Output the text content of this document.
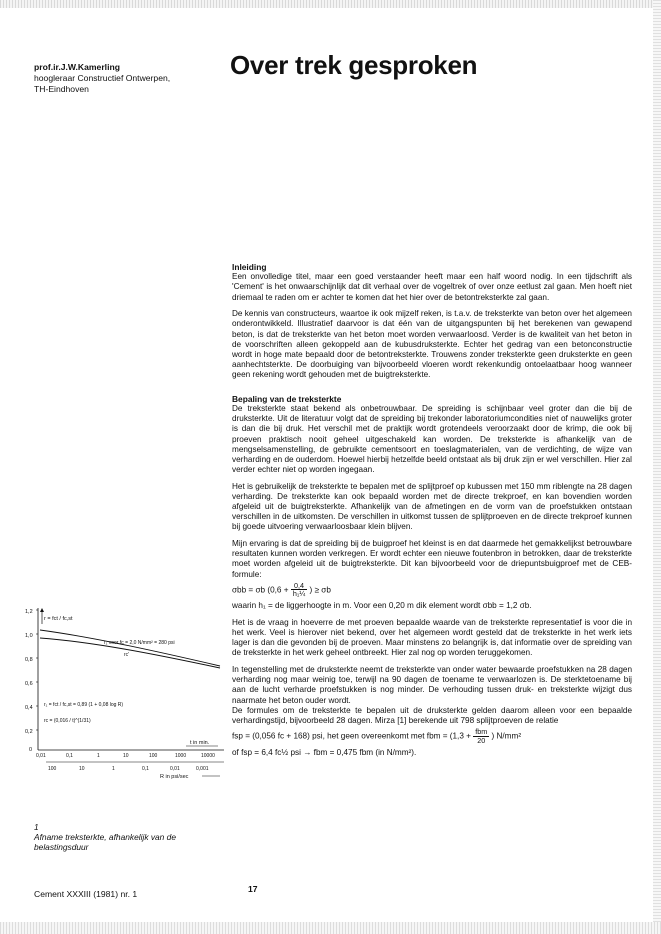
prof.ir.J.W.Kamerling
hoogleraar Constructief Ontwerpen,
TH-Eindhoven
Over trek gesproken
Inleiding

Een onvolledige titel, maar een goed verstaander heeft maar een half woord nodig. In een tijdschrift als 'Cement' is het onwaarschijnlijk dat dit verhaal over de vogeltrek of over onze eetlust zal gaan. Men hoeft niet driemaal te raden om er achter te komen dat het hier over de betontreksterkte zal gaan.

De kennis van constructeurs, waartoe ik ook mijzelf reken, is t.a.v. de treksterkte van beton over het algemeen onderontwikkeld. Illustratief daarvoor is dat één van de uitgangspunten bij het berekenen van gewapend beton, is dat de treksterkte van het beton moet worden verwaarloosd. Verder is de kwaliteit van het beton in de voorschriften alleen gekoppeld aan de kubusdruksterkte. Echter het gedrag van een betonconstructie wordt in hoge mate bepaald door de betontreksterkte. Trouwens zonder treksterkte geen druksterkte en geen aanhechtsterkte. De doorbuiging van bijvoorbeeld vloeren wordt rekenkundig ontoelaatbaar hoog wanneer geen rekening wordt gehouden met de buigtreksterkte.

Bepaling van de treksterkte

De treksterkte staat bekend als onbetrouwbaar. De spreiding is schijnbaar veel groter dan die bij de druksterkte. Uit de literatuur volgt dat de spreiding bij trekonder laboratoriumcondities niet of nauwelijks groter is dan die bij druk. Het verschil met de praktijk wordt grotendeels veroorzaakt door de krimp, die ook bij proeven praktisch nooit geheel uitgeschakeld kan worden. De treksterkte is afhankelijk van de mengselsamenstelling, de gebruikte cementsoort en toeslagmaterialen, van de verdichting, de wijze van verharding en de ouderdom. Hoewel hierbij hetzelfde beeld ontstaat als bij druk zijn er wel verschillen. Hier zal verder echter niet op worden ingegaan.

Het is gebruikelijk de treksterkte te bepalen met de splijtproef op kubussen met 150 mm riblengte na 28 dagen verharding. De treksterkte kan ook bepaald worden met de directe trekproef, en kan bovendien worden afgeleid uit de buigtreksterkte. Afhankelijk van de afmetingen en de vorm van de proefstukken ontstaan verschillen in de uitkomsten. De verschillen in uitkomst tussen de splijtproeven en de directe trekproef kunnen bij goede uitvoering verwaarloosbaar klein blijven.

Mijn ervaring is dat de spreiding bij de buigproef het kleinst is en dat daarmede het gemakkelijkst betrouwbare resultaten kunnen worden verkregen. Er wordt echter een nieuwe foutenbron in betrokken, daar de treksterkte moet worden afgeleid uit de buigtreksterkte. Dit kan bijvoorbeeld voor de driepuntsbuigproef met de CEB-formule:

σbb = σb ($0,6 + \frac{0,4}{\text{h₁¼}}$ ) ≥ σb

waarin h₁ = de liggerhoogte in m. Voor een 0,20 m dik element wordt σbb = 1,2 σb.

Het is de vraag in hoeverre de met proeven bepaalde waarde van de treksterkte representatief is voor die in het werk. Veel is hierover niet bekend, over het algemeen wordt gesteld dat de treksterkte in het werk iets lager is dan die gevonden bij de proeven. Maar minstens zo belangrijk is, dat informatie over de spreiding van de treksterkte in het werk geheel ontbreekt. Hier zal nog op worden teruggekomen.

In tegenstelling met de druksterkte neemt de treksterkte van onder water bewaarde proefstukken na 28 dagen verharding nog maar weinig toe, terwijl na 90 dagen de toename te verwaarlozen is. De sterktetoename bij aan de lucht verharde proefstukken is nog minder. De verhouding tussen druk- en treksterkte wijzigt dus naarmate het beton ouder wordt.

De formules om de treksterkte te bepalen uit de druksterkte gelden daarom alleen voor een bepaalde verhardingstijd, bijvoorbeeld 28 dagen. Mirza [1] berekende uit 798 splijtproeven de relatie

fsp = (0,056 fc + 168) psi, het geen overeenkomt met fbm = ($1,3 + \frac{\text{fbm}}{20}$ ) N/mm²
of fsp = 6,4 fc½ psi → fbm = 0,475 fbm (in N/mm²).
1,2
1,0
0,8
0,6
0,4
0,2
0
0,01	0,1	1	10	100	1000	10000
100	10	1	0,1	0,01	0,001
t in min.
R in psi/sec
r = fct / fc,st
r₁ voor fc = 2,0 N/mm² = 280 psi
rc'
r₁ = fct / fc,st = 0,89 (1 + 0,08 log R)
rc = (0,016 / t)^(1/31)
1
Afname treksterkte, afhankelijk van de
belastingsduur
Cement XXXIII (1981) nr. 1	17
